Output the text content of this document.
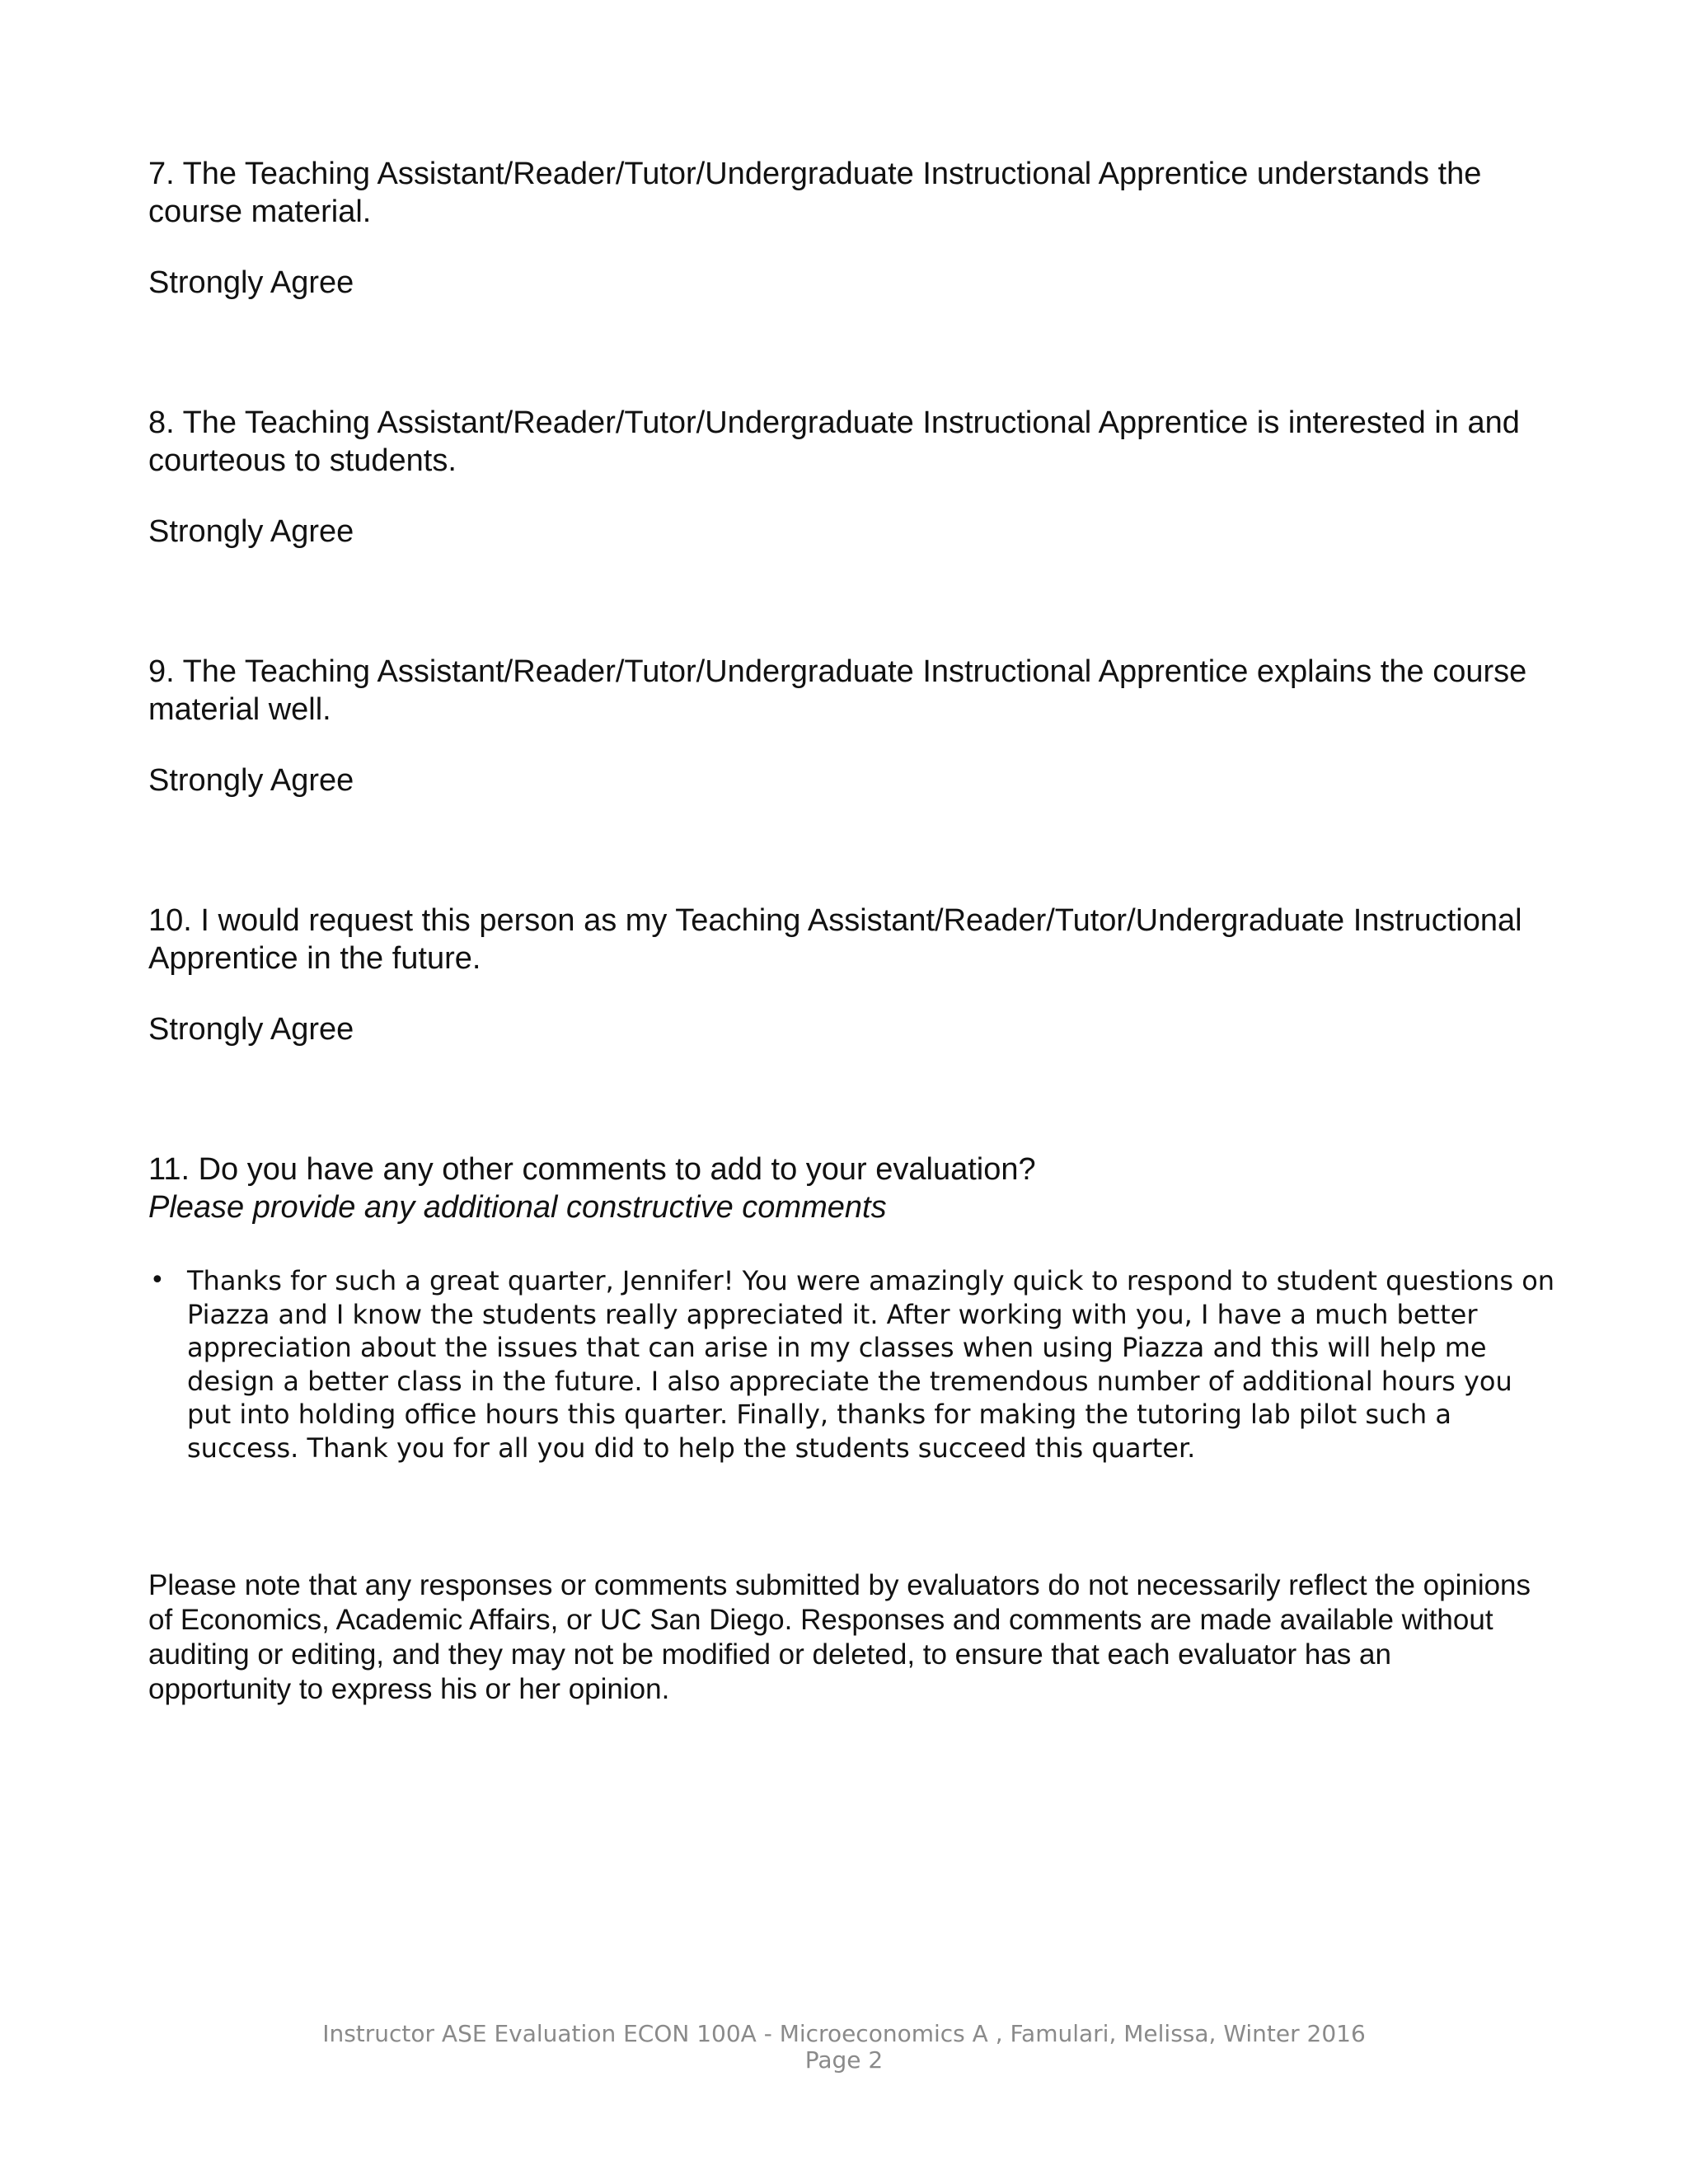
7. The Teaching Assistant/Reader/Tutor/Undergraduate Instructional Apprentice understands the course material.

Strongly Agree

8. The Teaching Assistant/Reader/Tutor/Undergraduate Instructional Apprentice is interested in and courteous to students.

Strongly Agree

9. The Teaching Assistant/Reader/Tutor/Undergraduate Instructional Apprentice explains the course material well.

Strongly Agree

10. I would request this person as my Teaching Assistant/Reader/Tutor/Undergraduate Instructional Apprentice in the future.

Strongly Agree

11. Do you have any other comments to add to your evaluation?
Please provide any additional constructive comments

• Thanks for such a great quarter, Jennifer! You were amazingly quick to respond to student questions on Piazza and I know the students really appreciated it. After working with you, I have a much better appreciation about the issues that can arise in my classes when using Piazza and this will help me design a better class in the future. I also appreciate the tremendous number of additional hours you put into holding office hours this quarter. Finally, thanks for making the tutoring lab pilot such a success. Thank you for all you did to help the students succeed this quarter.

Please note that any responses or comments submitted by evaluators do not necessarily reflect the opinions of Economics, Academic Affairs, or UC San Diego. Responses and comments are made available without auditing or editing, and they may not be modified or deleted, to ensure that each evaluator has an opportunity to express his or her opinion.

Instructor ASE Evaluation ECON 100A - Microeconomics A , Famulari, Melissa, Winter 2016
Page 2
